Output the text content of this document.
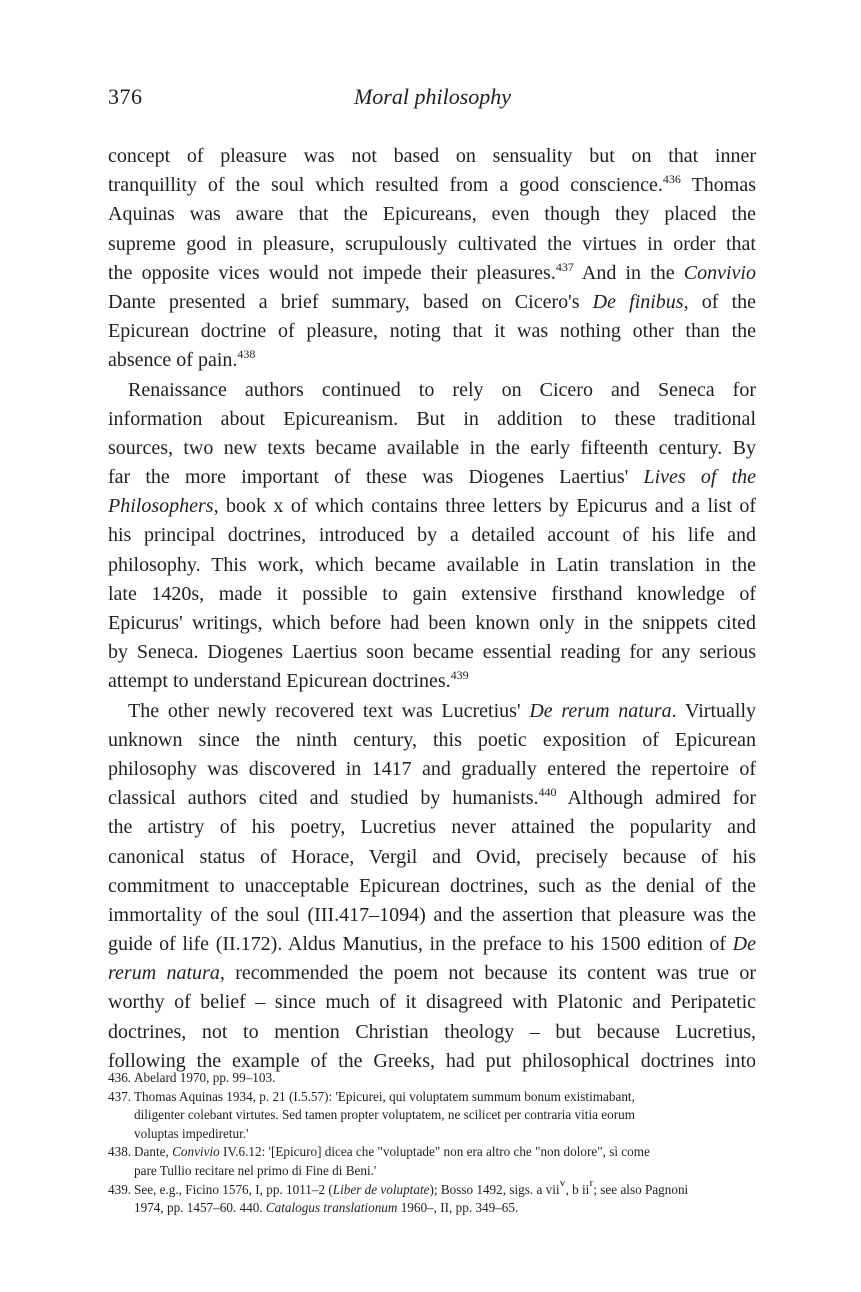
376	Moral philosophy
concept of pleasure was not based on sensuality but on that inner
tranquillity of the soul which resulted from a good conscience.$^{436}$ Thomas
Aquinas was aware that the Epicureans, even though they placed the
supreme good in pleasure, scrupulously cultivated the virtues in order that
the opposite vices would not impede their pleasures.$^{437}$ And in the Convivio
Dante presented a brief summary, based on Cicero's De finibus, of the
Epicurean doctrine of pleasure, noting that it was nothing other than the
absence of pain.$^{438}$
Renaissance authors continued to rely on Cicero and Seneca for
information about Epicureanism. But in addition to these traditional
sources, two new texts became available in the early fifteenth century. By
far the more important of these was Diogenes Laertius' Lives of the
Philosophers, book x of which contains three letters by Epicurus and a list of
his principal doctrines, introduced by a detailed account of his life and
philosophy. This work, which became available in Latin translation in the
late 1420s, made it possible to gain extensive firsthand knowledge of
Epicurus' writings, which before had been known only in the snippets cited
by Seneca. Diogenes Laertius soon became essential reading for any serious
attempt to understand Epicurean doctrines.$^{439}$
The other newly recovered text was Lucretius' De rerum natura. Virtually
unknown since the ninth century, this poetic exposition of Epicurean
philosophy was discovered in 1417 and gradually entered the repertoire of
classical authors cited and studied by humanists.$^{440}$ Although admired for
the artistry of his poetry, Lucretius never attained the popularity and
canonical status of Horace, Vergil and Ovid, precisely because of his
commitment to unacceptable Epicurean doctrines, such as the denial of the
immortality of the soul (III.417–1094) and the assertion that pleasure was the
guide of life (II.172). Aldus Manutius, in the preface to his 1500 edition of De
rerum natura, recommended the poem not because its content was true or
worthy of belief – since much of it disagreed with Platonic and Peripatetic
doctrines, not to mention Christian theology – but because Lucretius,
following the example of the Greeks, had put philosophical doctrines into
436. Abelard 1970, pp. 99–103.
437. Thomas Aquinas 1934, p. 21 (I.5.57): 'Epicurei, qui voluptatem summum bonum existimabant,
diligenter colebant virtutes. Sed tamen propter voluptatem, ne scilicet per contraria vitia eorum
voluptas impediretur.'
438. Dante, Convivio IV.6.12: '[Epicuro] dicea che "voluptade" non era altro che "non dolore", sì come
pare Tullio recitare nel primo di Fine di Beni.'
439. See, e.g., Ficino 1576, I, pp. 1011–2 (Liber de voluptate); Bosso 1492, sigs. a vii$^v$, b $ii^r$; see also Pagnoni
1974, pp. 1457–60. 440. Catalogus translationum 1960–, II, pp. 349–65.
